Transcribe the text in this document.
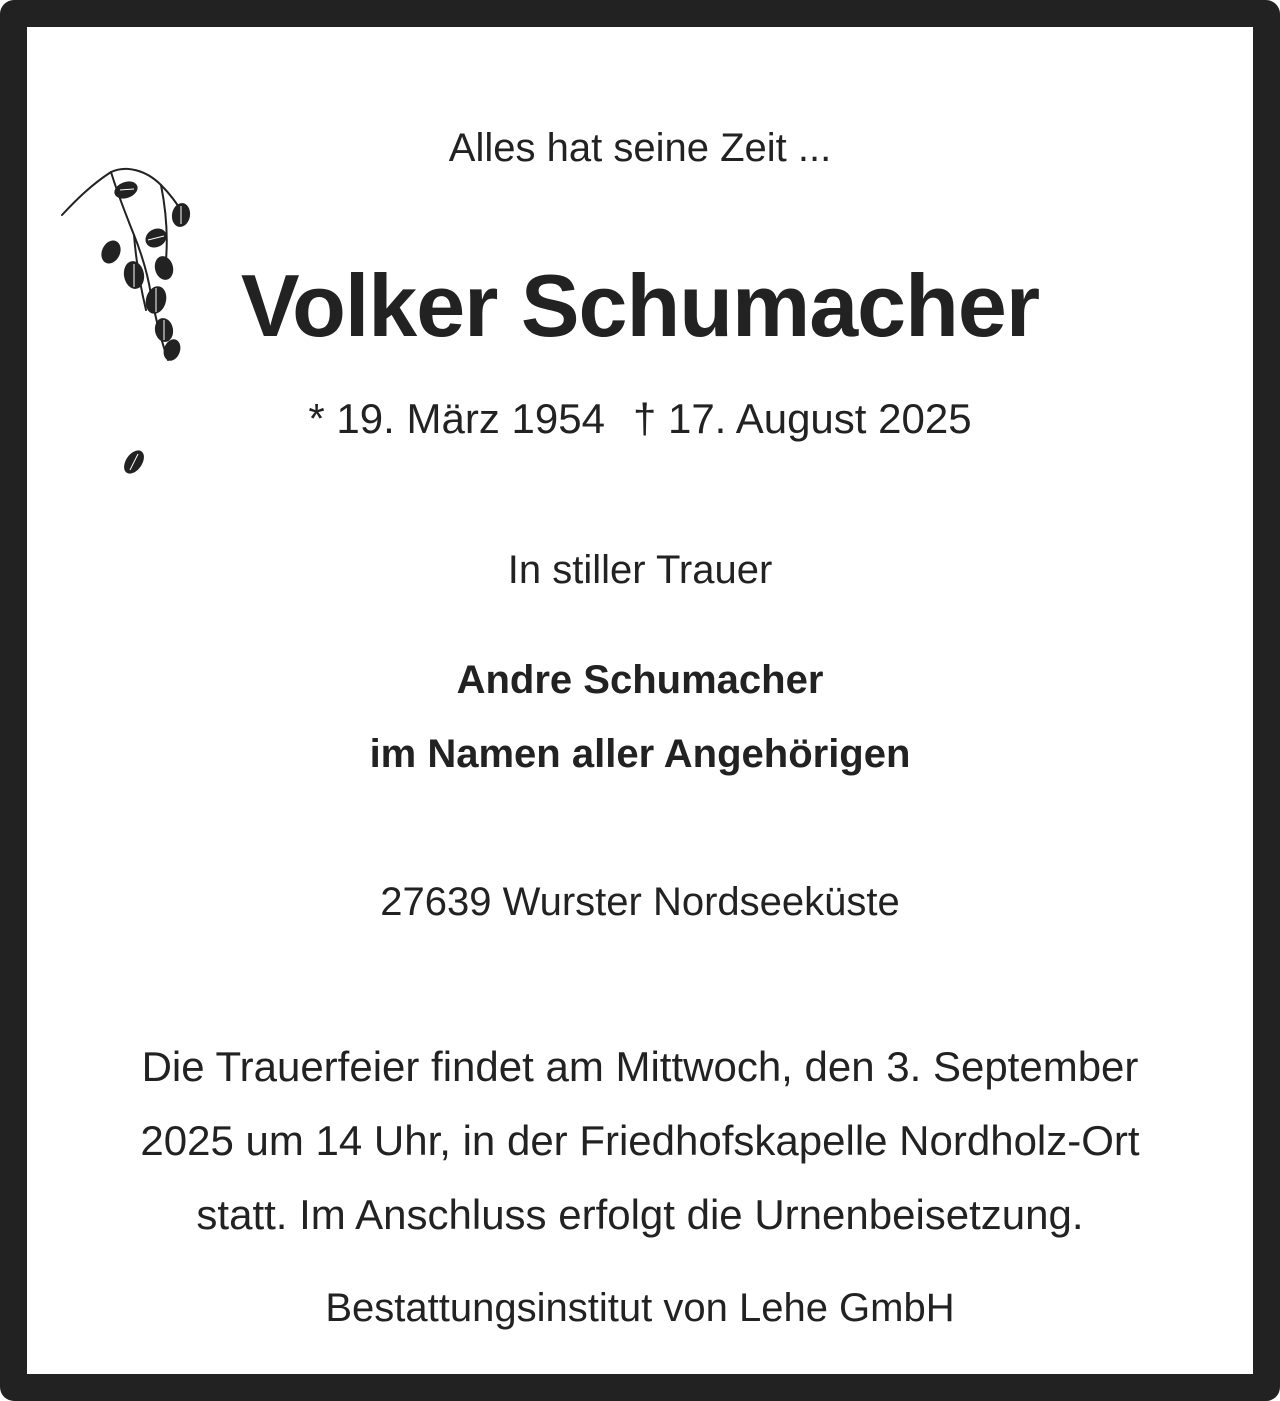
Alles hat seine Zeit ...
Volker Schumacher
* 19. März 1954 † 17. August 2025
In stiller Trauer
Andre Schumacher
im Namen aller Angehörigen
27639 Wurster Nordseeküste
Die Trauerfeier findet am Mittwoch, den 3. September
2025 um 14 Uhr, in der Friedhofskapelle Nordholz-Ort
statt. Im Anschluss erfolgt die Urnenbeisetzung.
Bestattungsinstitut von Lehe GmbH
